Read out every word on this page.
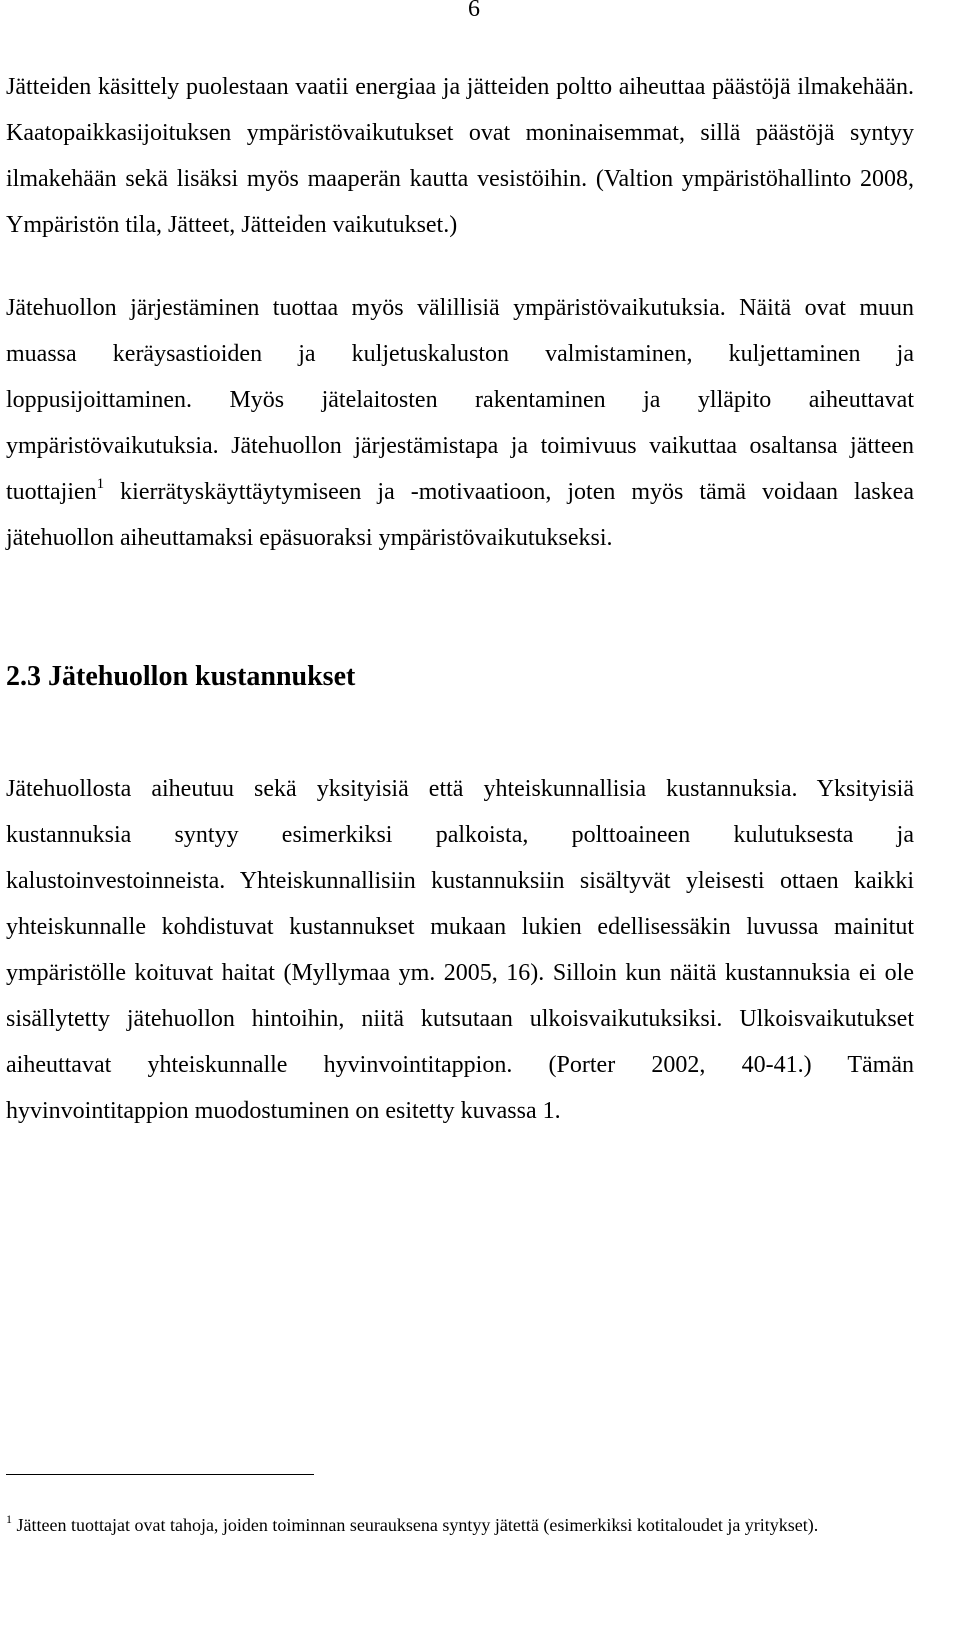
6

Jätteiden käsittely puolestaan vaatii energiaa ja jätteiden poltto aiheuttaa päästöjä ilmakehään. Kaatopaikkasijoituksen ympäristövaikutukset ovat moninaisemmat, sillä päästöjä syntyy ilmakehään sekä lisäksi myös maaperän kautta vesistöihin. (Valtion ympäristöhallinto 2008, Ympäristön tila, Jätteet, Jätteiden vaikutukset.)

Jätehuollon järjestäminen tuottaa myös välillisiä ympäristövaikutuksia. Näitä ovat muun muassa keräysastioiden ja kuljetuskaluston valmistaminen, kuljettaminen ja loppusijoittaminen. Myös jätelaitosten rakentaminen ja ylläpito aiheuttavat ympäristövaikutuksia. Jätehuollon järjestämistapa ja toimivuus vaikuttaa osaltansa jätteen tuottajien$^1$ kierrätyskäyttäytymiseen ja -motivaatioon, joten myös tämä voidaan laskea jätehuollon aiheuttamaksi epäsuoraksi ympäristövaikutukseksi.

2.3 Jätehuollon kustannukset

Jätehuollosta aiheutuu sekä yksityisiä että yhteiskunnallisia kustannuksia. Yksityisiä kustannuksia syntyy esimerkiksi palkoista, polttoaineen kulutuksesta ja kalustoinvestoinneista. Yhteiskunnallisiin kustannuksiin sisältyvät yleisesti ottaen kaikki yhteiskunnalle kohdistuvat kustannukset mukaan lukien edellisessäkin luvussa mainitut ympäristölle koituvat haitat (Myllymaa ym. 2005, 16). Silloin kun näitä kustannuksia ei ole sisällytetty jätehuollon hintoihin, niitä kutsutaan ulkoisvaikutuksiksi. Ulkoisvaikutukset aiheuttavat yhteiskunnalle hyvinvointitappion. (Porter 2002, 40-41.) Tämän hyvinvointitappion muodostuminen on esitetty kuvassa 1.

$^1$ Jätteen tuottajat ovat tahoja, joiden toiminnan seurauksena syntyy jätettä (esimerkiksi kotitaloudet ja yritykset).
